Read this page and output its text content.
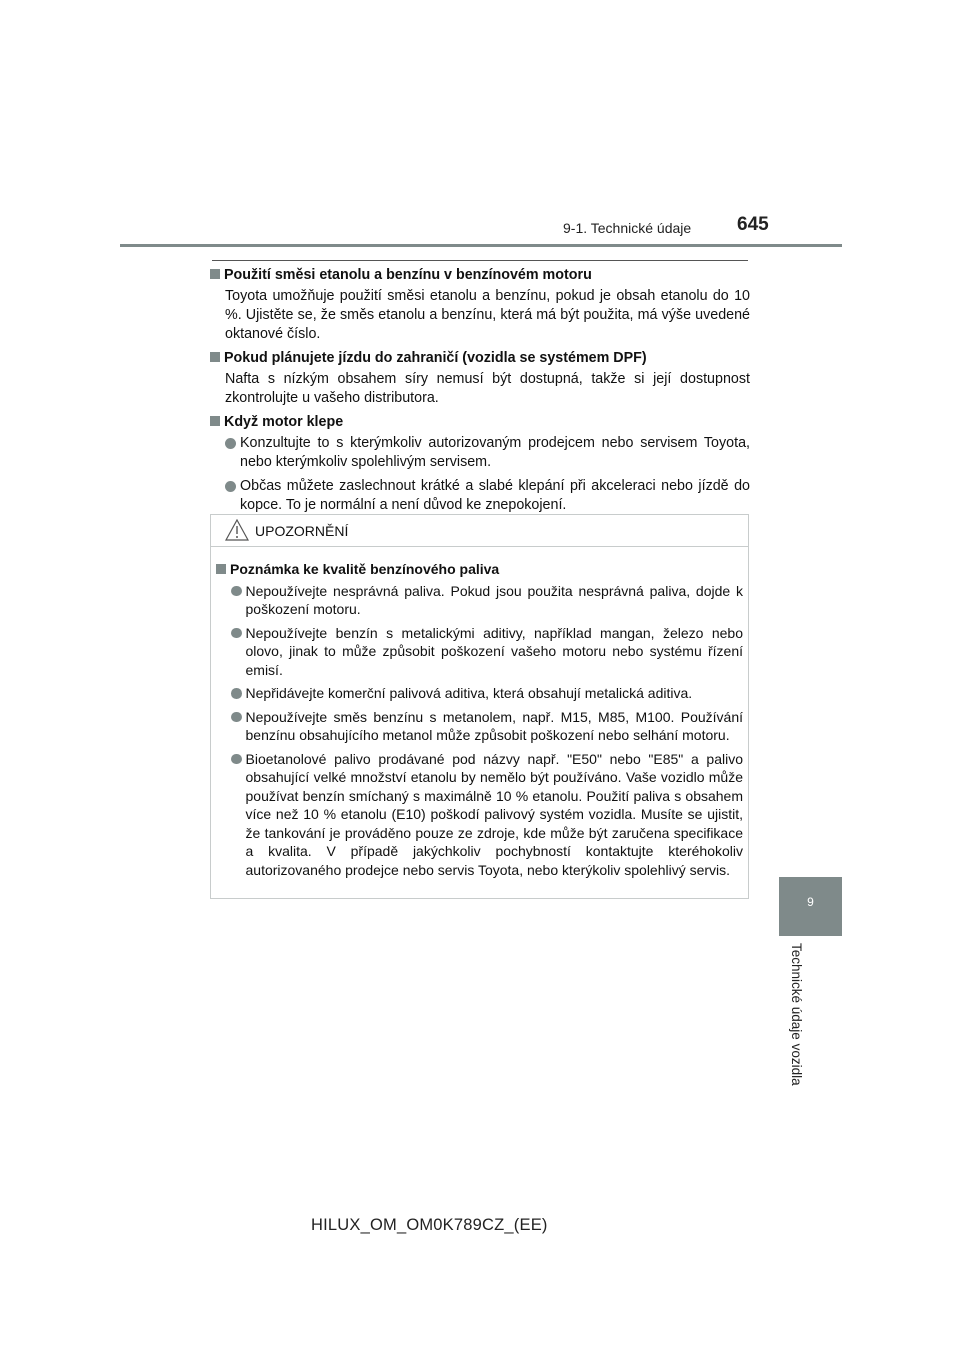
9-1. Technické údaje 645
Použití směsi etanolu a benzínu v benzínovém motoru
Toyota umožňuje použití směsi etanolu a benzínu, pokud je obsah etanolu do 10 %. Ujistěte se, že směs etanolu a benzínu, která má být použita, má výše uvedené oktanové číslo.
Pokud plánujete jízdu do zahraničí (vozidla se systémem DPF)
Nafta s nízkým obsahem síry nemusí být dostupná, takže si její dostupnost zkontrolujte u vašeho distributora.
Když motor klepe
Konzultujte to s kterýmkoliv autorizovaným prodejcem nebo servisem Toyota, nebo kterýmkoliv spolehlivým servisem.
Občas můžete zaslechnout krátké a slabé klepání při akceleraci nebo jízdě do kopce. To je normální a není důvod ke znepokojení.
UPOZORNĚNÍ
Poznámka ke kvalitě benzínového paliva
Nepoužívejte nesprávná paliva. Pokud jsou použita nesprávná paliva, dojde k poškození motoru.
Nepoužívejte benzín s metalickými aditivy, například mangan, železo nebo olovo, jinak to může způsobit poškození vašeho motoru nebo systému řízení emisí.
Nepřidávejte komerční palivová aditiva, která obsahují metalická aditiva.
Nepoužívejte směs benzínu s metanolem, např. M15, M85, M100. Používání benzínu obsahujícího metanol může způsobit poškození nebo selhání motoru.
Bioetanolové palivo prodávané pod názvy např. "E50" nebo "E85" a palivo obsahující velké množství etanolu by nemělo být používáno. Vaše vozidlo může používat benzín smíchaný s maximálně 10 % etanolu. Použití paliva s obsahem více než 10 % etanolu (E10) poškodí palivový systém vozidla. Musíte se ujistit, že tankování je prováděno pouze ze zdroje, kde může být zaručena specifikace a kvalita. V případě jakýchkoliv pochybností kontaktujte kteréhokoliv autorizovaného prodejce nebo servis Toyota, nebo kterýkoliv spolehlivý servis.
9
Technické údaje vozidla
HILUX_OM_OM0K789CZ_(EE)
